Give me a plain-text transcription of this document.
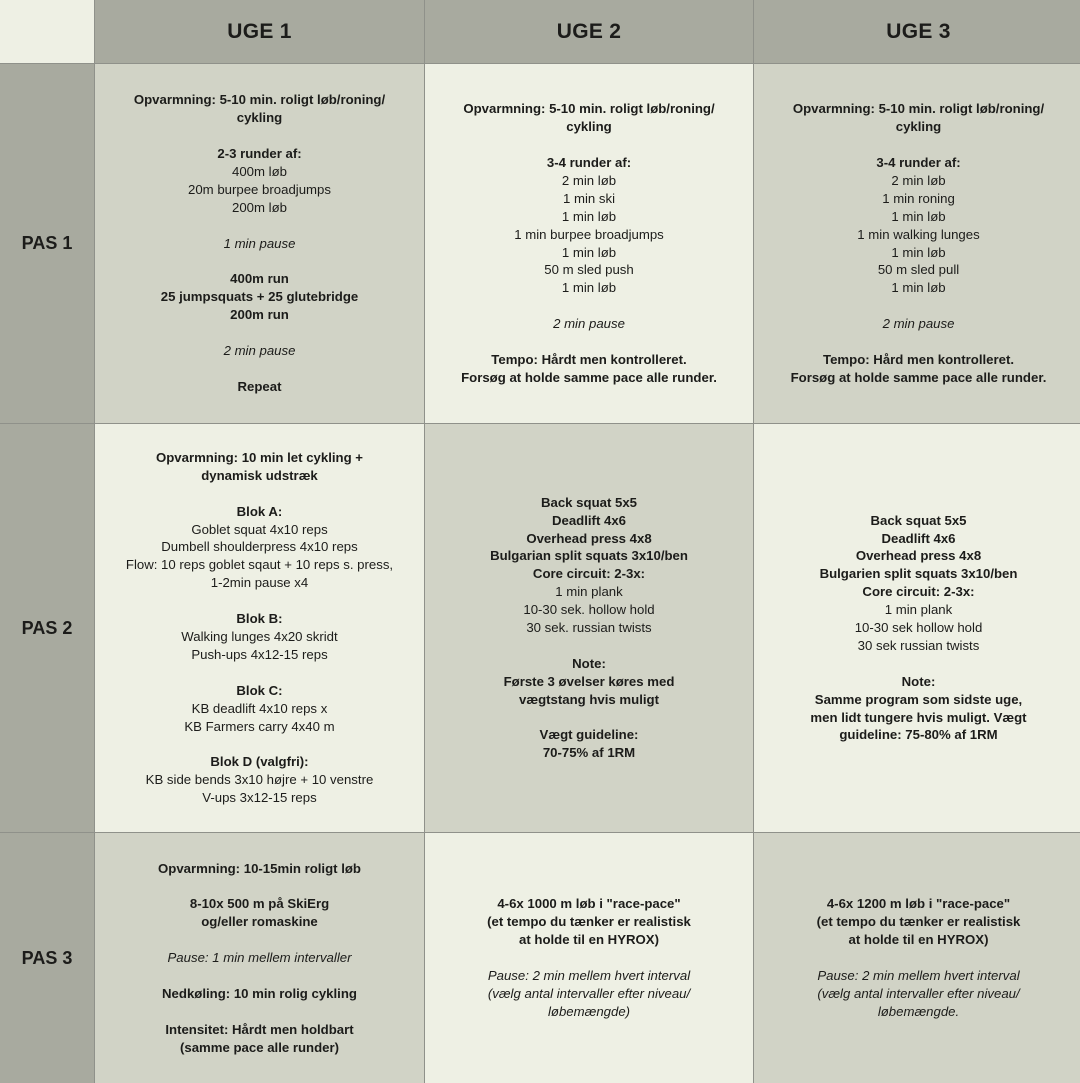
UGE 1	UGE 2	UGE 3
PAS 1

Opvarmning: 5-10 min. roligt løb/roning/

cykling

2-3 runder af:

400m løb

20m burpee broadjumps

200m løb

1 min pause

400m run

25 jumpsquats + 25 glutebridge

200m run

2 min pause

Repeat

Opvarmning: 5-10 min. roligt løb/roning/

cykling

3-4 runder af:

2 min løb

1 min ski

1 min løb

1 min burpee broadjumps

1 min løb

50 m sled push

1 min løb

2 min pause

Tempo: Hårdt men kontrolleret.

Forsøg at holde samme pace alle runder.

Opvarmning: 5-10 min. roligt løb/roning/

cykling

3-4 runder af:

2 min løb

1 min roning

1 min løb

1 min walking lunges

1 min løb

50 m sled pull

1 min løb

2 min pause

Tempo: Hård men kontrolleret.

Forsøg at holde samme pace alle runder.

PAS 2

Opvarmning: 10 min let cykling +

dynamisk udstræk

Blok A:

Goblet squat 4x10 reps

Dumbell shoulderpress 4x10 reps

Flow: 10 reps goblet sqaut + 10 reps s. press,

1-2min pause x4

Blok B:

Walking lunges 4x20 skridt

Push-ups 4x12-15 reps

Blok C:

KB deadlift 4x10 reps x

KB Farmers carry 4x40 m

Blok D (valgfri):

KB side bends 3x10 højre + 10 venstre

V-ups 3x12-15 reps

Back squat 5x5

Deadlift 4x6

Overhead press 4x8

Bulgarian split squats 3x10/ben

Core circuit: 2-3x:

1 min plank

10-30 sek. hollow hold

30 sek. russian twists

Note:

Første 3 øvelser køres med

vægtstang hvis muligt

Vægt guideline:

70-75% af 1RM

Back squat 5x5

Deadlift 4x6

Overhead press 4x8

Bulgarien split squats 3x10/ben

Core circuit: 2-3x:

1 min plank

10-30 sek hollow hold

30 sek russian twists

Note:

Samme program som sidste uge,

men lidt tungere hvis muligt. Vægt

guideline: 75-80% af 1RM

PAS 3

Opvarmning: 10-15min roligt løb

8-10x 500 m på SkiErg

og/eller romaskine

Pause: 1 min mellem intervaller

Nedkøling: 10 min rolig cykling

Intensitet: Hårdt men holdbart

(samme pace alle runder)

4-6x 1000 m løb i "race-pace"

(et tempo du tænker er realistisk

at holde til en HYROX)

Pause: 2 min mellem hvert interval

(vælg antal intervaller efter niveau/

løbemængde)

4-6x 1200 m løb i "race-pace"

(et tempo du tænker er realistisk

at holde til en HYROX)

Pause: 2 min mellem hvert interval

(vælg antal intervaller efter niveau/

løbemængde.
